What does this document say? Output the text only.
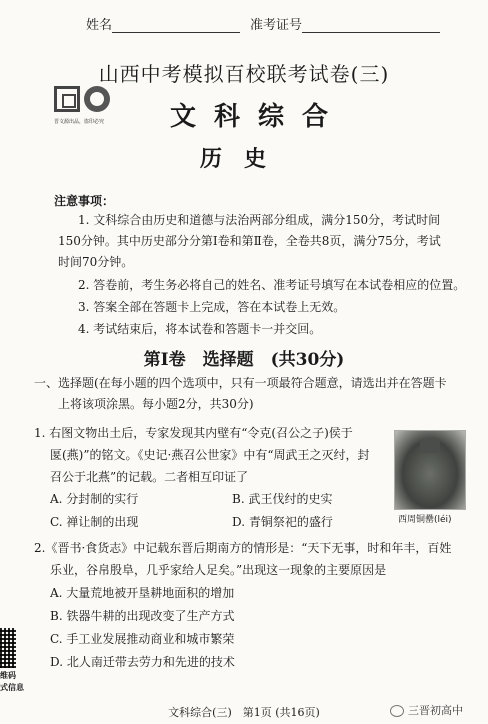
姓名	准考证号
山西中考模拟百校联考试卷(三)
晋文源出品，盗印必究	文科综合
历史
注意事项：
1. 文科综合由历史和道德与法治两部分组成，满分150分，考试时间
150分钟。其中历史部分分第Ⅰ卷和第Ⅱ卷，全卷共8页，满分75分，考试
时间70分钟。
2. 答卷前，考生务必将自己的姓名、准考证号填写在本试卷相应的位置。
3. 答案全部在答题卡上完成，答在本试卷上无效。
4. 考试结束后，将本试卷和答题卡一并交回。
第Ⅰ卷　选择题　(共30分)
一、选择题(在每小题的四个选项中，只有一项最符合题意，请选出并在答题卡
上将该项涂黑。每小题2分，共30分)
1. 右图文物出土后，专家发现其内壁有“令克(召公之子)侯于
匽(燕)”的铭文。《史记·燕召公世家》中有“周武王之灭纣，封
召公于北燕”的记载。二者相互印证了
A. 分封制的实行	B. 武王伐纣的史实
C. 禅让制的出现	D. 青铜祭祀的盛行	西周铜罍(léi)
2.《晋书·食货志》中记载东晋后期南方的情形是：“天下无事，时和年丰，百姓
乐业，谷帛殷阜，几乎家给人足矣。”出现这一现象的主要原因是
A. 大量荒地被开垦耕地面积的增加
B. 铁器牛耕的出现改变了生产方式
C. 手工业发展推动商业和城市繁荣
D. 北人南迁带去劳力和先进的技术
维码
式信息
文科综合(三)　第1页 (共16页)	三晋初高中
